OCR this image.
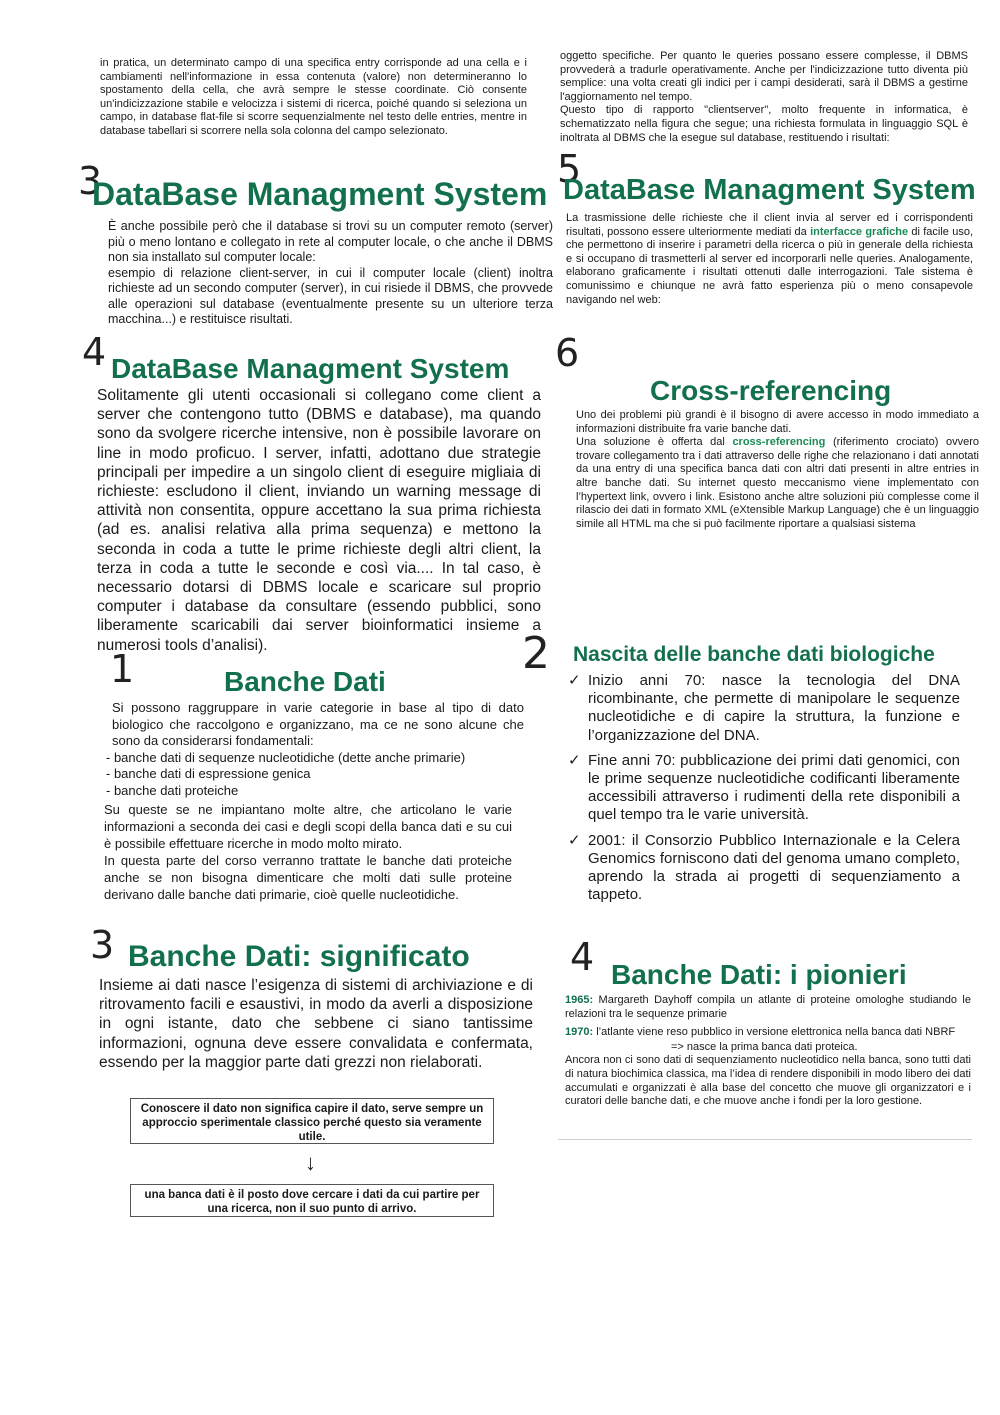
in pratica, un determinato campo di una specifica entry corrisponde ad una cella e i cambiamenti nell'informazione in essa contenuta (valore) non determineranno lo spostamento della cella, che avrà sempre le stesse coordinate. Ciò consente un'indicizzazione stabile e velocizza i sistemi di ricerca, poiché quando si seleziona un campo, in database flat-file si scorre sequenzialmente nel testo delle entries, mentre in database tabellari si scorrere nella sola colonna del campo selezionato.

oggetto specifiche. Per quanto le queries possano essere complesse, il DBMS provvederà a tradurle operativamente. Anche per l'indicizzazione tutto diventa più semplice: una volta creati gli indici per i campi desiderati, sarà il DBMS a gestirne l'aggiornamento nel tempo.

Questo tipo di rapporto "clientserver", molto frequente in informatica, è schematizzato nella figura che segue; una richiesta formulata in linguaggio SQL è inoltrata al DBMS che la esegue sul database, restituendo i risultati:

3
DataBase Managment System

È anche possibile però che il database si trovi su un computer remoto (server) più o meno lontano e collegato in rete al computer locale, o che anche il DBMS non sia installato sul computer locale:

esempio di relazione client-server, in cui il computer locale (client) inoltra richieste ad un secondo computer (server), in cui risiede il DBMS, che provvede alle operazioni sul database (eventualmente presente su un ulteriore terza macchina...) e restituisce risultati.

5
DataBase Managment System

La trasmissione delle richieste che il client invia al server ed i corrispondenti risultati, possono essere ulteriormente mediati da interfacce grafiche di facile uso, che permettono di inserire i parametri della ricerca o più in generale della richiesta e si occupano di trasmetterli al server ed incorporarli nelle queries. Analogamente, elaborano graficamente i risultati ottenuti dalle interrogazioni. Tale sistema è comunissimo e chiunque ne avrà fatto esperienza più o meno consapevole navigando nel web:

4 DataBase Managment System

Solitamente gli utenti occasionali si collegano come client a server che contengono tutto (DBMS e database), ma quando sono da svolgere ricerche intensive, non è possibile lavorare on line in modo proficuo. I server, infatti, adottano due strategie principali per impedire a un singolo client di eseguire migliaia di richieste: escludono il client, inviando un warning message di attività non consentita, oppure accettano la sua prima richiesta (ad es. analisi relativa alla prima sequenza) e mettono la seconda in coda a tutte le prime richieste degli altri client, la terza in coda a tutte le seconde e così via.... In tal caso, è necessario dotarsi di DBMS locale e scaricare sul proprio computer i database da consultare (essendo pubblici, sono liberamente scaricabili dai server bioinformatici insieme a numerosi tools d’analisi).

6
Cross-referencing

Uno dei problemi più grandi è il bisogno di avere accesso in modo immediato a informazioni distribuite fra varie banche dati.

Una soluzione è offerta dal cross-referencing (riferimento crociato) ovvero trovare collegamento tra i dati attraverso delle righe che relazionano i dati annotati da una entry di una specifica banca dati con altri dati presenti in altre entries in altre banche dati. Su internet questo meccanismo viene implementato con l’hypertext link, ovvero i link. Esistono anche altre soluzioni più complesse come il rilascio dei dati in formato XML (eXtensible Markup Language) che è un linguaggio simile all HTML ma che si può facilmente riportare a qualsiasi sistema

1	Banche Dati

Si possono raggruppare in varie categorie in base al tipo di dato biologico che raccolgono e organizzano, ma ce ne sono alcune che sono da considerarsi fondamentali:

- banche dati di sequenze nucleotidiche (dette anche primarie)
- banche dati di espressione genica
- banche dati proteiche

Su queste se ne impiantano molte altre, che articolano le varie informazioni a seconda dei casi e degli scopi della banca dati e su cui è possibile effettuare ricerche in modo molto mirato.

In questa parte del corso verranno trattate le banche dati proteiche anche se non bisogna dimenticare che molti dati sulle proteine derivano dalle banche dati primarie, cioè quelle nucleotidiche.

2 Nascita delle banche dati biologiche
✓ Inizio anni 70: nasce la tecnologia del DNA ricombinante, che permette di manipolare le sequenze nucleotidiche e di capire la struttura, la funzione e l’organizzazione del DNA.
✓ Fine anni 70: pubblicazione dei primi dati genomici, con le prime sequenze nucleotidiche codificanti liberamente accessibili attraverso i rudimenti della rete disponibili a quel tempo tra le varie università.
✓ 2001: il Consorzio Pubblico Internazionale e la Celera Genomics forniscono dati del genoma umano completo, aprendo la strada ai progetti di sequenziamento a tappeto.
3 Banche Dati: significato

Insieme ai dati nasce l’esigenza di sistemi di archiviazione e di ritrovamento facili e esaustivi, in modo da averli a disposizione in ogni istante, dato che sebbene ci siano tantissime informazioni, ognuna deve essere convalidata e confermata, essendo per la maggior parte dati grezzi non rielaborati.

Conoscere il dato non significa capire il dato, serve sempre un approccio sperimentale classico perché questo sia veramente utile.
↓
una banca dati è il posto dove cercare i dati da cui partire per una ricerca, non il suo punto di arrivo.
4 Banche Dati: i pionieri

1965: Margareth Dayhoff compila un atlante di proteine omologhe studiando le relazioni tra le sequenze primarie

1970: l’atlante viene reso pubblico in versione elettronica nella banca dati NBRF

=> nasce la prima banca dati proteica.

Ancora non ci sono dati di sequenziamento nucleotidico nella banca, sono tutti dati di natura biochimica classica, ma l’idea di rendere disponibili in modo libero dei dati accumulati e organizzati è alla base del concetto che muove gli organizzatori e i curatori delle banche dati, e che muove anche i fondi per la loro gestione.
